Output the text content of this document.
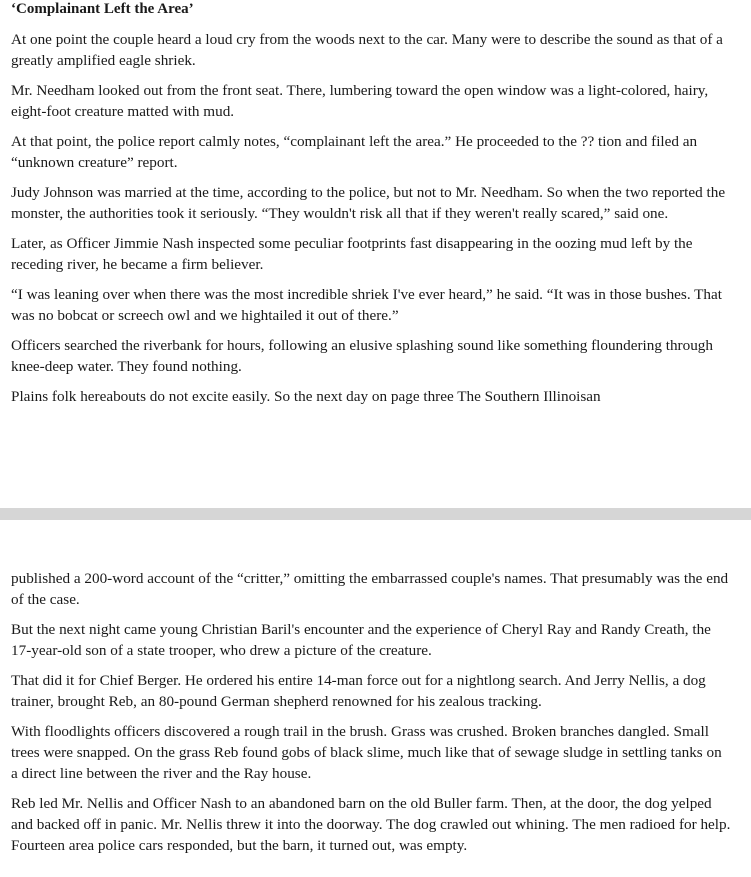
‘Complainant Left the Area’

At one point the couple heard a loud cry from the woods next to the car. Many were to describe the sound as that of a greatly amplified eagle shriek.

Mr. Needham looked out from the front seat. There, lumbering toward the open window was a light-colored, hairy, eight-foot creature matted with mud.

At that point, the police report calmly notes, “complainant left the area.” He proceeded to the ?? tion and filed an “unknown creature” report.

Judy Johnson was married at the time, according to the police, but not to Mr. Needham. So when the two reported the monster, the authorities took it seriously. “They wouldn't risk all that if they weren't really scared,” said one.

Later, as Officer Jimmie Nash inspected some peculiar footprints fast disappearing in the oozing mud left by the receding river, he became a firm believer.

“I was leaning over when there was the most incredible shriek I've ever heard,” he said. “It was in those bushes. That was no bobcat or screech owl and we hightailed it out of there.”

Officers searched the riverbank for hours, following an elusive splashing sound like something floundering through knee-deep water. They found nothing.

Plains folk hereabouts do not excite easily. So the next day on page three The Southern Illinoisan

published a 200-word account of the “critter,” omitting the embarrassed couple's names. That presumably was the end of the case.

But the next night came young Christian Baril's encounter and the experience of Cheryl Ray and Randy Creath, the 17-year-old son of a state trooper, who drew a picture of the creature.

That did it for Chief Berger. He ordered his entire 14-man force out for a nightlong search. And Jerry Nellis, a dog trainer, brought Reb, an 80-pound German shepherd renowned for his zealous tracking.

With floodlights officers discovered a rough trail in the brush. Grass was crushed. Broken branches dangled. Small trees were snapped. On the grass Reb found gobs of black slime, much like that of sewage sludge in settling tanks on a direct line between the river and the Ray house.

Reb led Mr. Nellis and Officer Nash to an abandoned barn on the old Buller farm. Then, at the door, the dog yelped and backed off in panic. Mr. Nellis threw it into the doorway. The dog crawled out whining. The men radioed for help. Fourteen area police cars responded, but the barn, it turned out, was empty.
